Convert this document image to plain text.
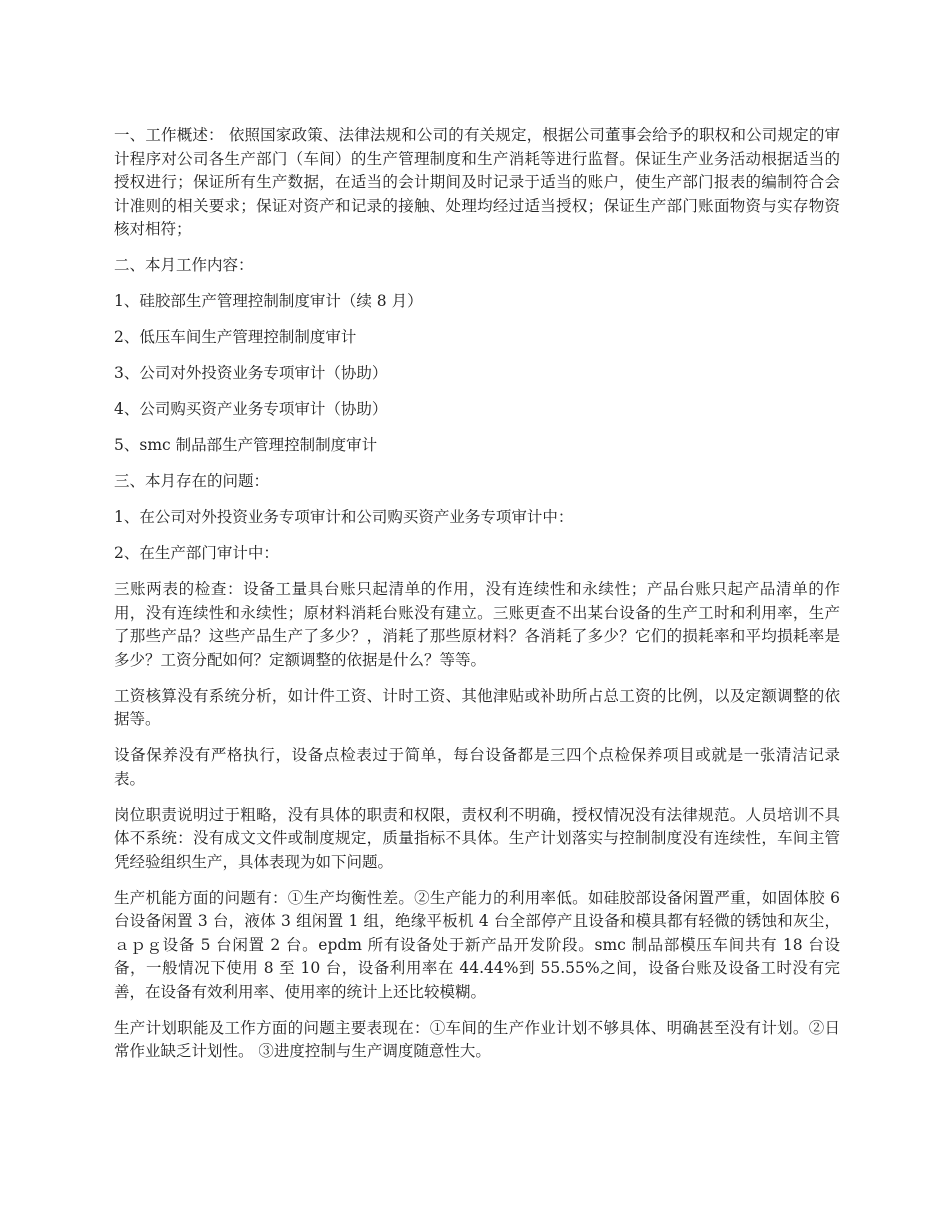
一、工作概述： 依照国家政策、法律法规和公司的有关规定，根据公司董事会给予的职权和公司规定的审计程序对公司各生产部门（车间）的生产管理制度和生产消耗等进行监督。保证生产业务活动根据适当的授权进行；保证所有生产数据，在适当的会计期间及时记录于适当的账户，使生产部门报表的编制符合会计准则的相关要求；保证对资产和记录的接触、处理均经过适当授权；保证生产部门账面物资与实存物资核对相符；

二、本月工作内容：

1、硅胶部生产管理控制制度审计（续 8 月）

2、低压车间生产管理控制制度审计

3、公司对外投资业务专项审计（协助）

4、公司购买资产业务专项审计（协助）

5、smc 制品部生产管理控制制度审计

三、本月存在的问题：

1、在公司对外投资业务专项审计和公司购买资产业务专项审计中：

2、在生产部门审计中：

三账两表的检查：设备工量具台账只起清单的作用，没有连续性和永续性；产品台账只起产品清单的作用，没有连续性和永续性；原材料消耗台账没有建立。三账更查不出某台设备的生产工时和利用率，生产了那些产品？这些产品生产了多少？，消耗了那些原材料？各消耗了多少？它们的损耗率和平均损耗率是多少？工资分配如何？定额调整的依据是什么？等等。

工资核算没有系统分析，如计件工资、计时工资、其他津贴或补助所占总工资的比例，以及定额调整的依据等。

设备保养没有严格执行，设备点检表过于简单，每台设备都是三四个点检保养项目或就是一张清洁记录表。

岗位职责说明过于粗略，没有具体的职责和权限，责权利不明确，授权情况没有法律规范。人员培训不具体不系统：没有成文文件或制度规定，质量指标不具体。生产计划落实与控制制度没有连续性，车间主管凭经验组织生产，具体表现为如下问题。

生产机能方面的问题有：①生产均衡性差。②生产能力的利用率低。如硅胶部设备闲置严重，如固体胶 6 台设备闲置 3 台，液体 3 组闲置 1 组，绝缘平板机 4 台全部停产且设备和模具都有轻微的锈蚀和灰尘，ａｐｇ设备 5 台闲置 2 台。epdm 所有设备处于新产品开发阶段。smc 制品部模压车间共有 18 台设备，一般情况下使用 8 至 10 台，设备利用率在 44.44%到 55.55%之间，设备台账及设备工时没有完善，在设备有效利用率、使用率的统计上还比较模糊。

生产计划职能及工作方面的问题主要表现在：①车间的生产作业计划不够具体、明确甚至没有计划。②日常作业缺乏计划性。 ③进度控制与生产调度随意性大。
